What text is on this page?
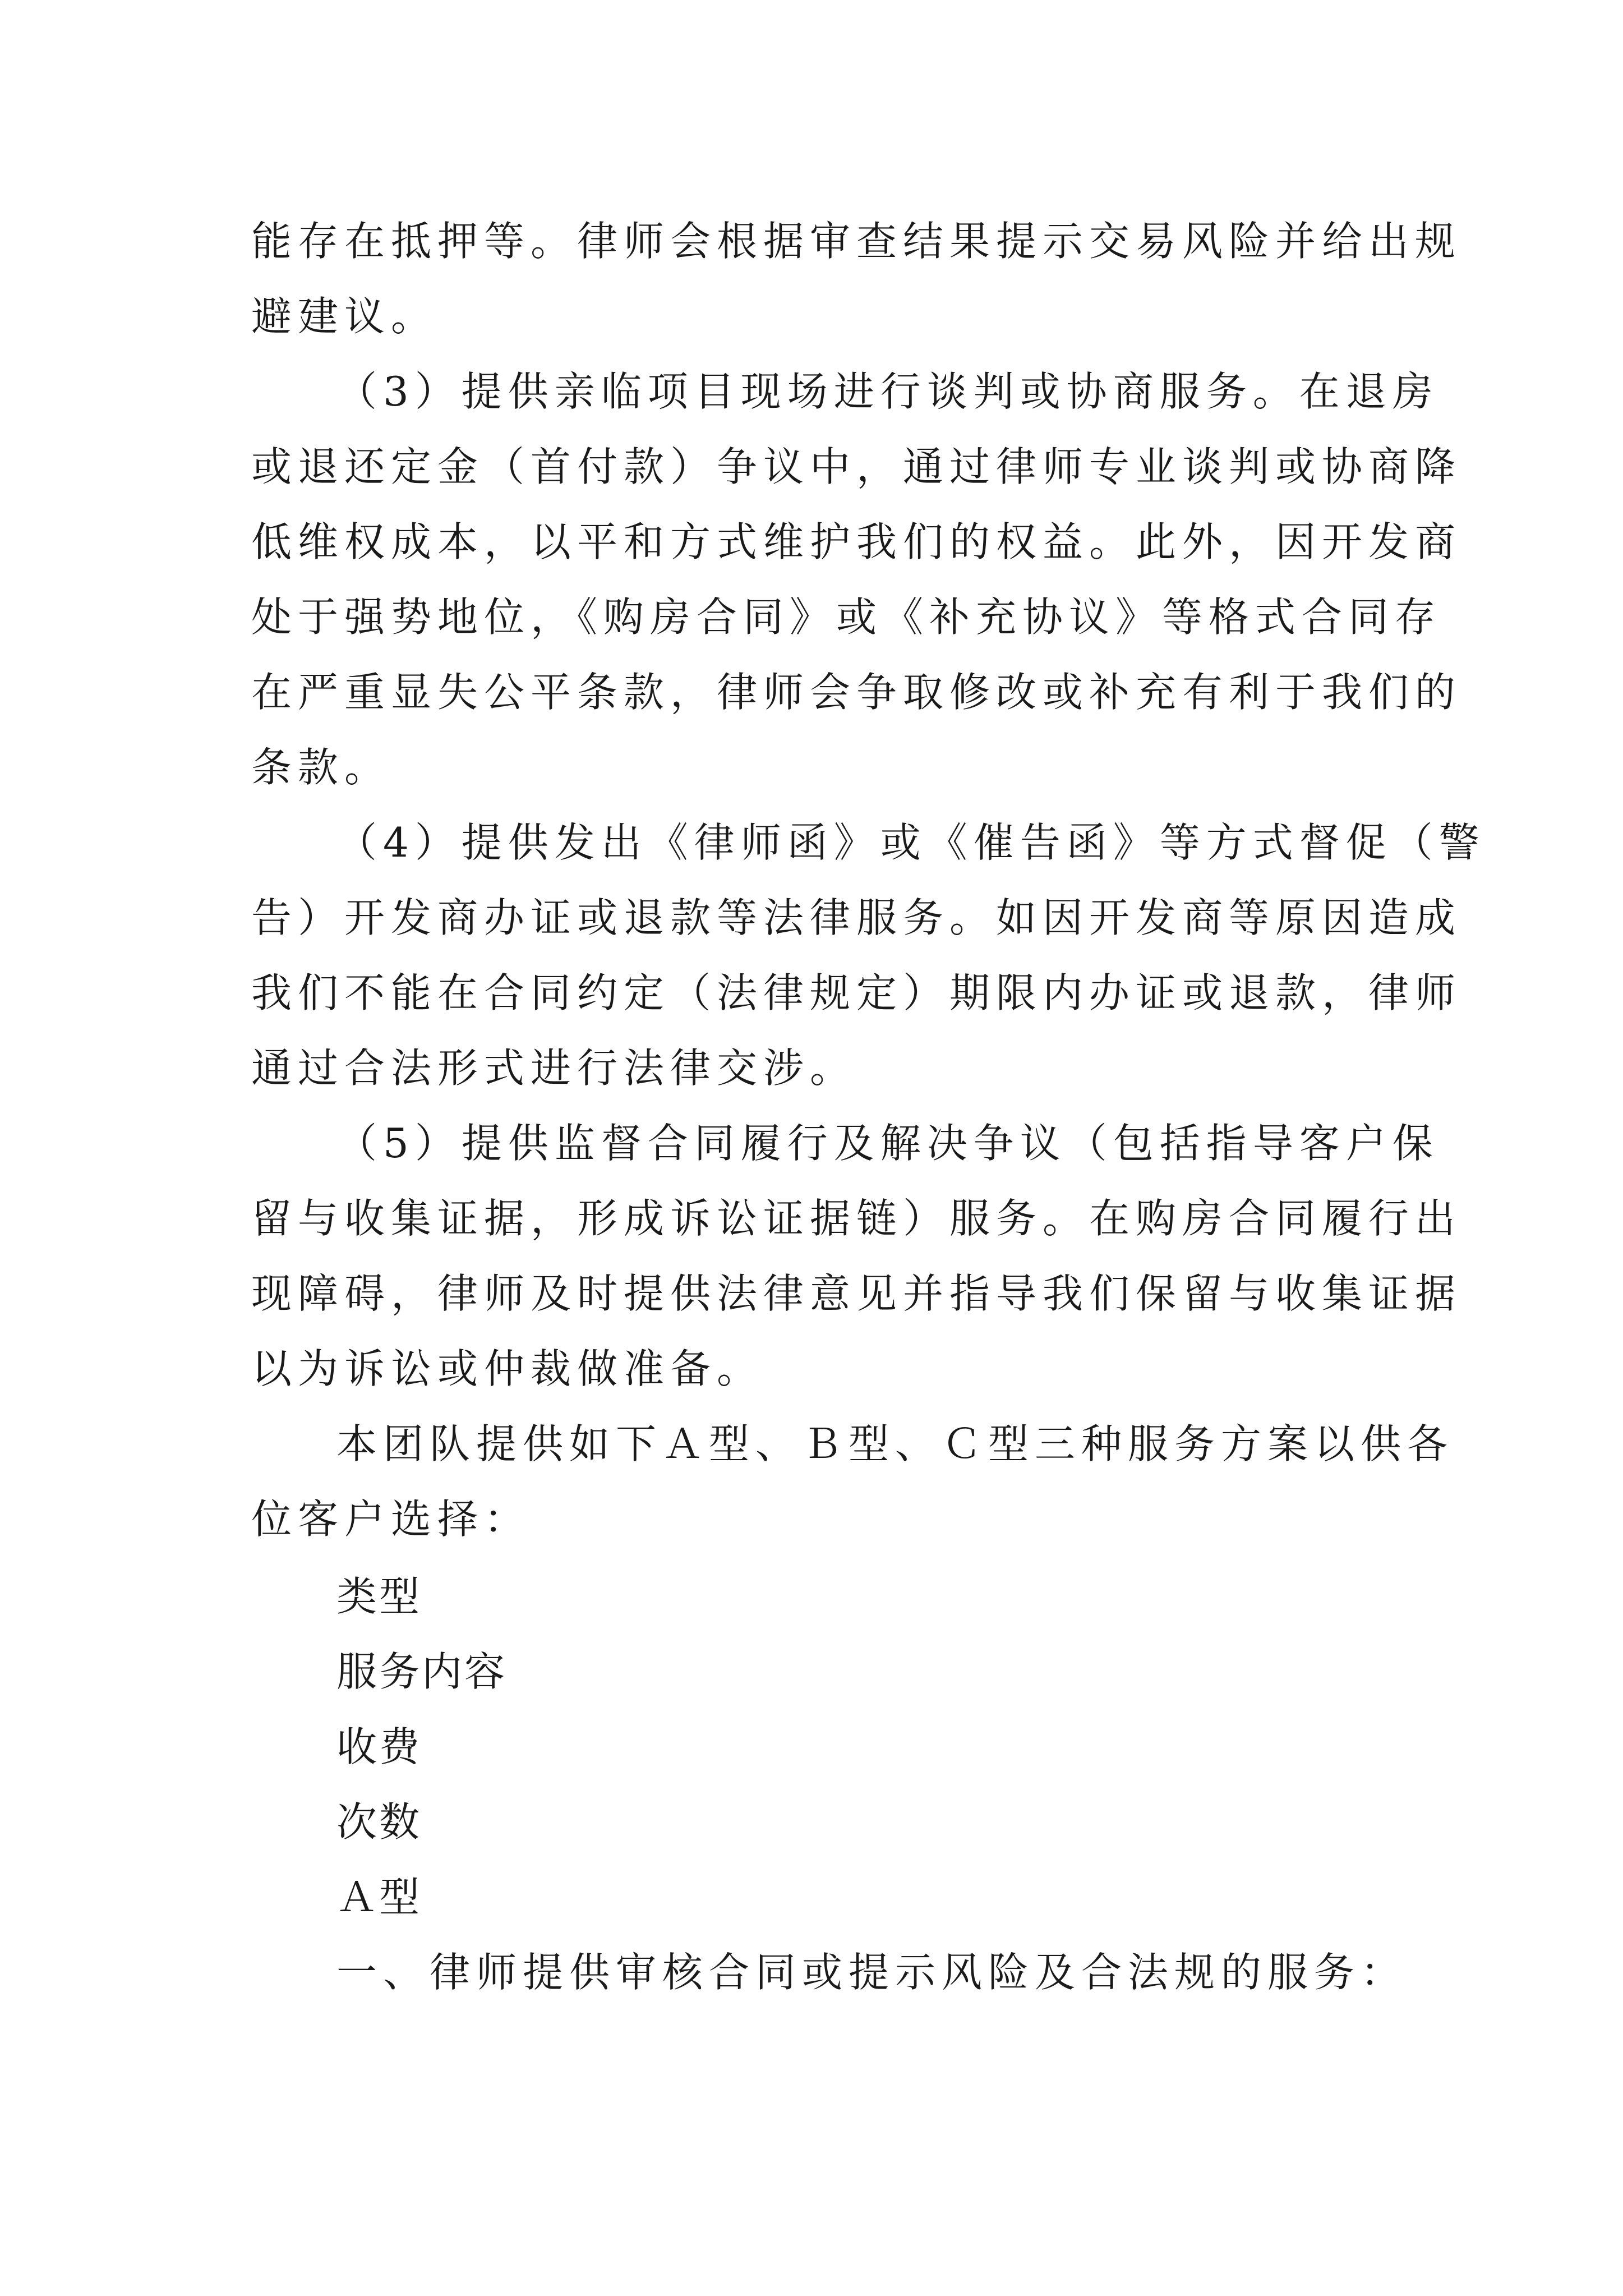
能存在抵押等。律师会根据审查结果提示交易风险并给出规
避建议。
（3）提供亲临项目现场进行谈判或协商服务。在退房
或退还定金（首付款）争议中，通过律师专业谈判或协商降
低维权成本，以平和方式维护我们的权益。此外，因开发商
处于强势地位，《购房合同》或《补充协议》等格式合同存
在严重显失公平条款，律师会争取修改或补充有利于我们的
条款。
（4）提供发出《律师函》或《催告函》等方式督促（警
告）开发商办证或退款等法律服务。如因开发商等原因造成
我们不能在合同约定（法律规定）期限内办证或退款，律师
通过合法形式进行法律交涉。
（5）提供监督合同履行及解决争议（包括指导客户保
留与收集证据，形成诉讼证据链）服务。在购房合同履行出
现障碍，律师及时提供法律意见并指导我们保留与收集证据
以为诉讼或仲裁做准备。
本团队提供如下Ａ型、Ｂ型、Ｃ型三种服务方案以供各
位客户选择：
类型
服务内容
收费
次数
Ａ型
一、律师提供审核合同或提示风险及合法规的服务：
